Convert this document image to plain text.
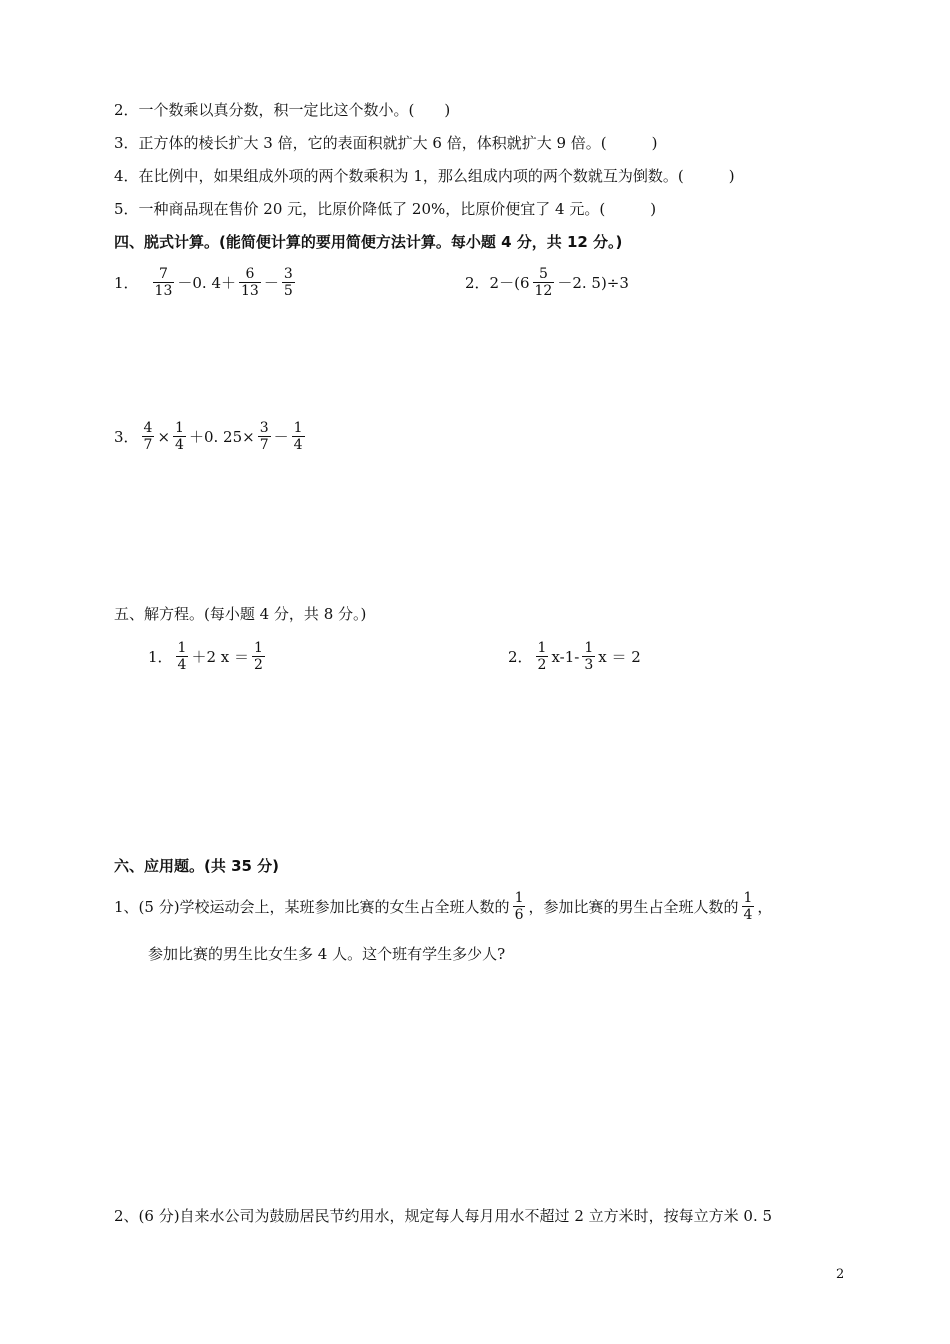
2．一个数乘以真分数，积一定比这个数小。(　　)
3．正方体的棱长扩大 3 倍，它的表面积就扩大 6 倍，体积就扩大 9 倍。(　　　)
4．在比例中，如果组成外项的两个数乘积为 1，那么组成内项的两个数就互为倒数。(　　　)
5．一种商品现在售价 20 元，比原价降低了 20%，比原价便宜了 4 元。(　　　)
四、脱式计算。(能简便计算的要用简便方法计算。每小题 4 分，共 12 分。)
1． $\frac{7}{13} -0$. $4+ \frac{6}{13} - \frac{3}{5}$	2． $2-(6 \frac{5}{12} -2$. 5)÷3
3． $\frac{4}{7} \times \frac{1}{4} +0$. $25\times \frac{3}{7} - \frac{1}{4}$
五、解方程。(每小题 4 分，共 8 分。)
1． $\frac{1}{4} +2$ $x = \frac{1}{2}$	2． $\frac{1}{2} x-1- \frac{1}{3}$ x ＝ 2
六、应用题。(共 35 分)
1、(5 分)学校运动会上，某班参加比赛的女生占全班人数的 $\frac{1}{6}$ ，参加比赛的男生占全班人数的 $\frac{1}{4}$ ，
参加比赛的男生比女生多 4 人。这个班有学生多少人?
2、(6 分)自来水公司为鼓励居民节约用水，规定每人每月用水不超过 2 立方米时，按每立方米 0. 5
2
